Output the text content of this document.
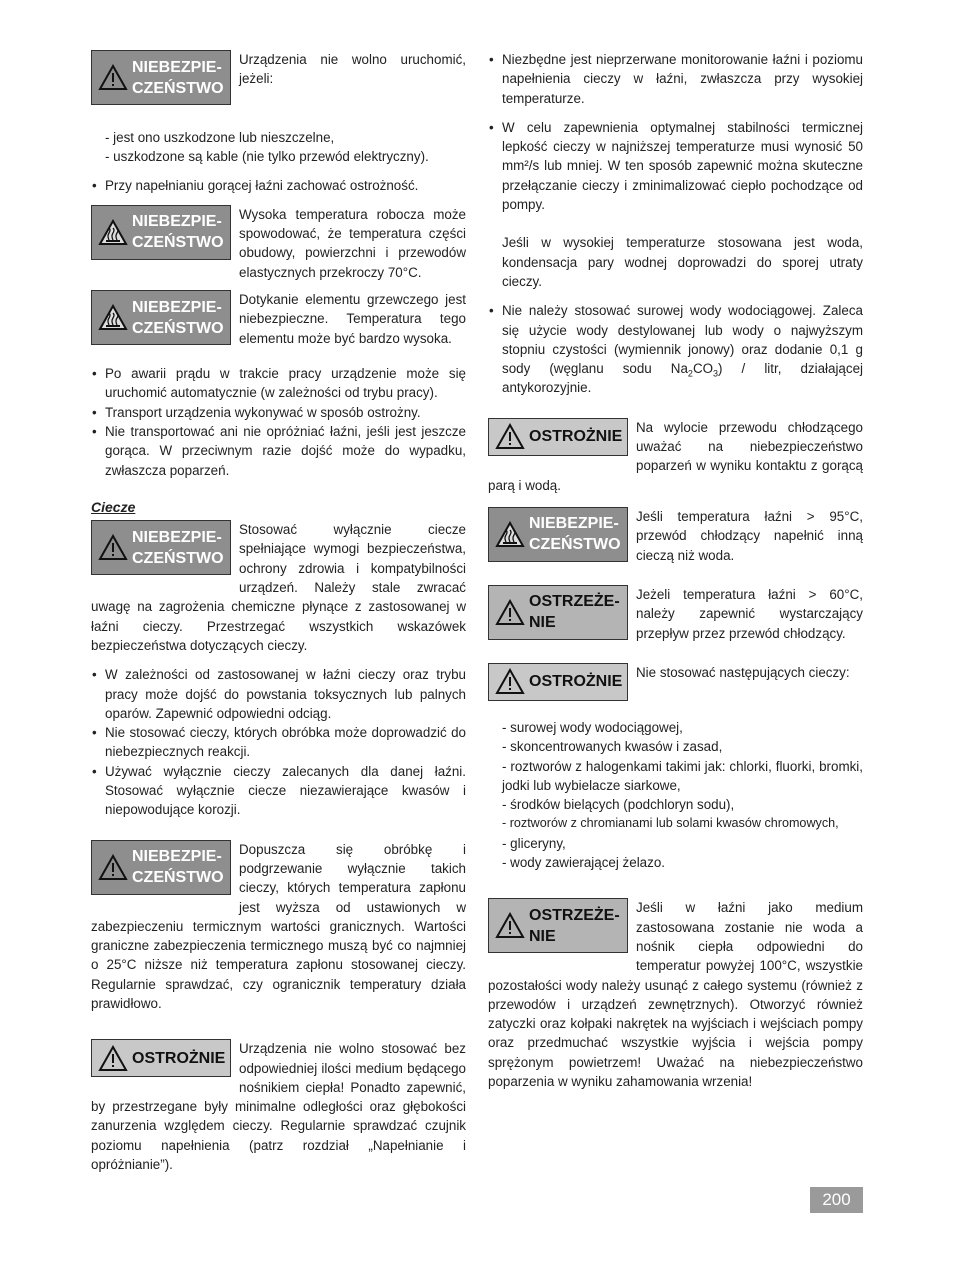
NIEBEZPIE-
CZEŃSTWO

Urządzenia nie wolno uruchomić, jeżeli:

- jest ono uszkodzone lub nieszczelne,
- uszkodzone są kable (nie tylko przewód elektryczny).

• Przy napełnianiu gorącej łaźni zachować ostrożność.

NIEBEZPIE-
CZEŃSTWO

Wysoka temperatura robocza może spowodować, że temperatura części obudowy, powierzchni i przewodów elastycznych przekroczy 70°C.

NIEBEZPIE-
CZEŃSTWO

Dotykanie elementu grzewczego jest niebezpieczne. Temperatura tego elementu może być bardzo wysoka.

• Po awarii prądu w trakcie pracy urządzenie może się uruchomić automatycznie (w zależności od trybu pracy).

• Transport urządzenia wykonywać w sposób ostrożny.

• Nie transportować ani nie opróżniać łaźni, jeśli jest jeszcze gorąca. W przeciwnym razie dojść może do wypadku, zwłaszcza poparzeń.

Ciecze

NIEBEZPIE-
CZEŃSTWO

Stosować wyłącznie ciecze spełniające wymogi bezpieczeństwa, ochrony zdrowia i kompatybilności urządzeń. Należy stale zwracać uwagę na zagrożenia chemiczne płynące z zastosowanej w łaźni cieczy. Przestrzegać wszystkich wskazówek bezpieczeństwa dotyczących cieczy.

• W zależności od zastosowanej w łaźni cieczy oraz trybu pracy może dojść do powstania toksycznych lub palnych oparów. Zapewnić odpowiedni odciąg.

• Nie stosować cieczy, których obróbka może doprowadzić do niebezpiecznych reakcji.

• Używać wyłącznie cieczy zalecanych dla danej łaźni. Stosować wyłącznie ciecze niezawierające kwasów i niepowodujące korozji.

NIEBEZPIE-
CZEŃSTWO

Dopuszcza się obróbkę i podgrzewanie wyłącznie takich cieczy, których temperatura zapłonu jest wyższa od ustawionych w zabezpieczeniu termicznym wartości granicznych. Wartości graniczne zabezpieczenia termicznego muszą być co najmniej o 25°C niższe niż temperatura zapłonu stosowanej cieczy. Regularnie sprawdzać, czy ogranicznik temperatury działa prawidłowo.

OSTROŻNIE

Urządzenia nie wolno stosować bez odpowiedniej ilości medium będącego nośnikiem ciepła! Ponadto zapewnić, by przestrzegane były minimalne odległości oraz głębokości zanurzenia względem cieczy. Regularnie sprawdzać czujnik poziomu napełnienia (patrz rozdział „Napełnianie i opróżnianie”).

• Niezbędne jest nieprzerwane monitorowanie łaźni i poziomu napełnienia cieczy w łaźni, zwłaszcza przy wysokiej temperaturze.

• W celu zapewnienia optymalnej stabilności termicznej lepkość cieczy w najniższej temperaturze musi wynosić 50 mm²/s lub mniej. W ten sposób zapewnić można skuteczne przełączanie cieczy i zminimalizować ciepło pochodzące od pompy.

Jeśli w wysokiej temperaturze stosowana jest woda, kondensacja pary wodnej doprowadzi do sporej utraty cieczy.

• Nie należy stosować surowej wody wodociągowej. Zaleca się użycie wody destylowanej lub wody o najwyższym stopniu czystości (wymiennik jonowy) oraz dodanie 0,1 g sody (węglanu sodu $Na_2CO_3$) / litr, działającej antykorozyjnie.

OSTROŻNIE

Na wylocie przewodu chłodzącego uważać na niebezpieczeństwo poparzeń w wyniku kontaktu z gorącą parą i wodą.

NIEBEZPIE-
CZEŃSTWO

Jeśli temperatura łaźni > 95°C, przewód chłodzący napełnić inną cieczą niż woda.

OSTRZEŻE-
NIE

Jeżeli temperatura łaźni > 60°C, należy zapewnić wystarczający przepływ przez przewód chłodzący.

OSTROŻNIE

Nie stosować następujących cieczy:

- surowej wody wodociągowej,
- skoncentrowanych kwasów i zasad,
- roztworów z halogenkami takimi jak: chlorki, fluorki, bromki, jodki lub wybielacze siarkowe,
- środków bielących (podchloryn sodu),
- roztworów z chromianami lub solami kwasów chromowych,
- gliceryny,
- wody zawierającej żelazo.
OSTRZEŻE-
NIE

Jeśli w łaźni jako medium zastosowana zostanie nie woda a nośnik ciepła odpowiedni do temperatur powyżej 100°C, wszystkie pozostałości wody należy usunąć z całego systemu (również z przewodów i urządzeń zewnętrznych). Otworzyć również zatyczki oraz kołpaki nakrętek na wyjściach i wejściach pompy oraz przedmuchać wszystkie wyjścia i wejścia pompy sprężonym powietrzem! Uważać na niebezpieczeństwo poparzenia w wyniku zahamowania wrzenia!

200
